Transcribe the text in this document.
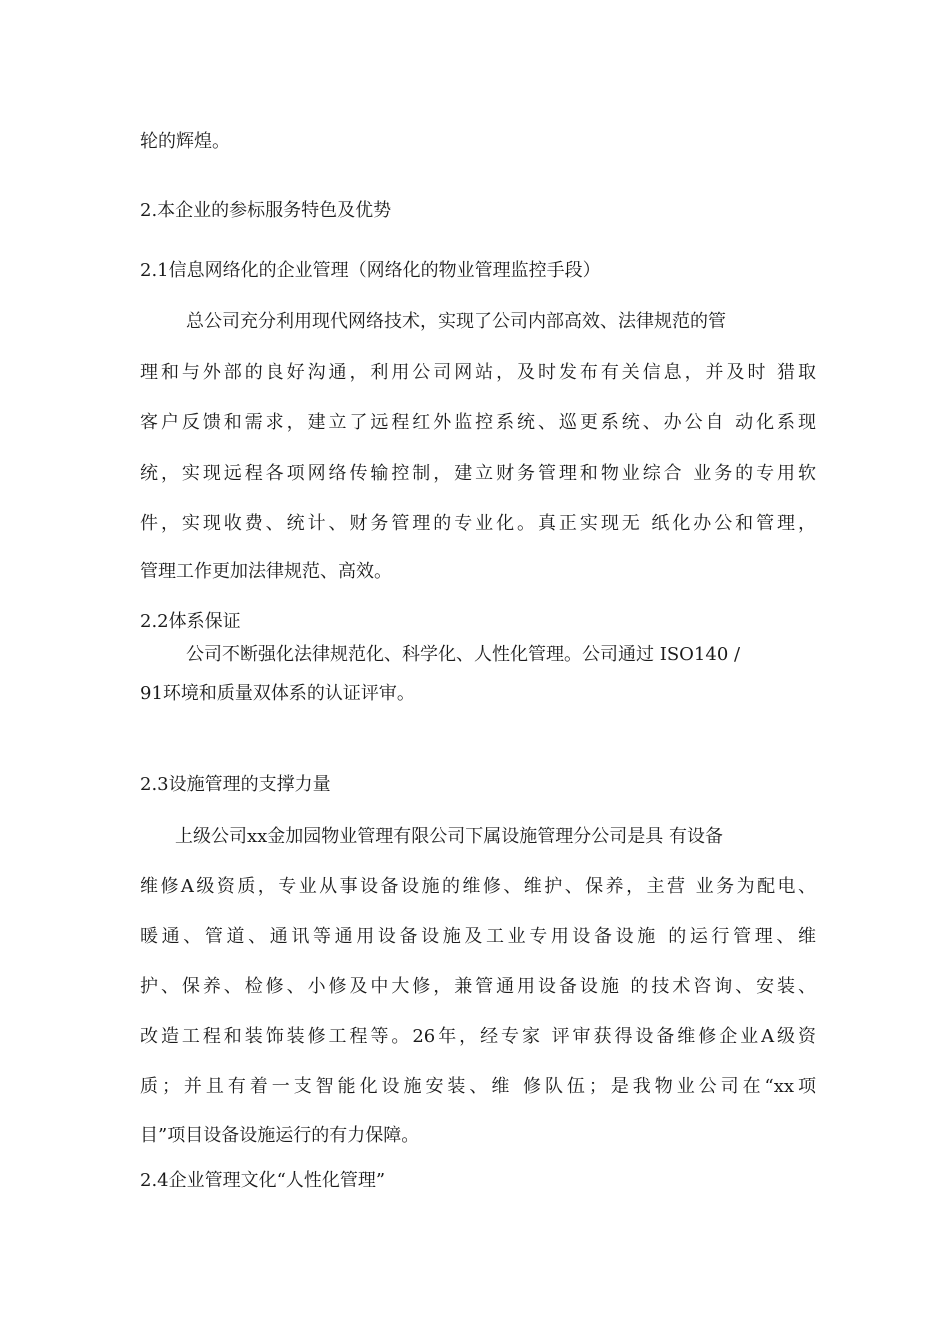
轮的辉煌。
2.本企业的参标服务特色及优势
2.1信息网络化的企业管理（网络化的物业管理监控手段）
总公司充分利用现代网络技术，实现了公司内部高效、法律规范的管
理和与外部的良好沟通，利用公司网站，及时发布有关信息，并及时 猎取
客户反馈和需求，建立了远程红外监控系统、巡更系统、办公自 动化系现
统，实现远程各项网络传输控制，建立财务管理和物业综合 业务的专用软
件，实现收费、统计、财务管理的专业化。真正实现无 纸化办公和管理，
管理工作更加法律规范、高效。
2.2体系保证
公司不断强化法律规范化、科学化、人性化管理。公司通过 ISO140 /
91环境和质量双体系的认证评审。
2.3设施管理的支撑力量
上级公司xx金加园物业管理有限公司下属设施管理分公司是具 有设备
维修A级资质，专业从事设备设施的维修、维护、保养，主营 业务为配电、
暖通、管道、通讯等通用设备设施及工业专用设备设施 的运行管理、维
护、保养、检修、小修及中大修，兼管通用设备设施 的技术咨询、安装、
改造工程和装饰装修工程等。26年，经专家 评审获得设备维修企业A级资
质；并且有着一支智能化设施安装、维 修队伍；是我物业公司在“xx项
目”项目设备设施运行的有力保障。
2.4企业管理文化“人性化管理”
